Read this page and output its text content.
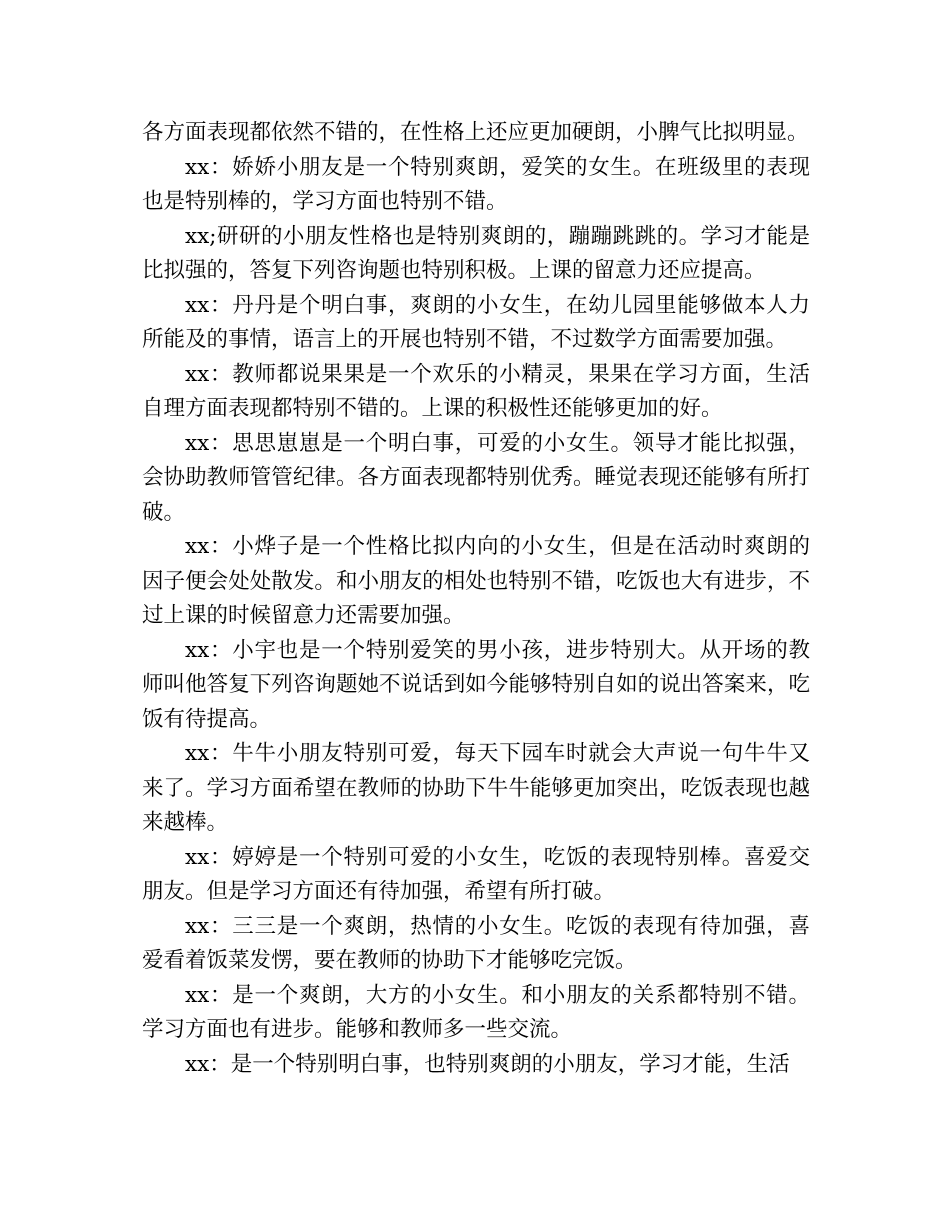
各方面表现都依然不错的，在性格上还应更加硬朗，小脾气比拟明显。

xx：娇娇小朋友是一个特别爽朗，爱笑的女生。在班级里的表现也是特别棒的，学习方面也特别不错。

xx;研研的小朋友性格也是特别爽朗的，蹦蹦跳跳的。学习才能是比拟强的，答复下列咨询题也特别积极。上课的留意力还应提高。

xx：丹丹是个明白事，爽朗的小女生，在幼儿园里能够做本人力所能及的事情，语言上的开展也特别不错，不过数学方面需要加强。

xx：教师都说果果是一个欢乐的小精灵，果果在学习方面，生活自理方面表现都特别不错的。上课的积极性还能够更加的好。

xx：思思崽崽是一个明白事，可爱的小女生。领导才能比拟强，会协助教师管管纪律。各方面表现都特别优秀。睡觉表现还能够有所打破。

xx：小烨子是一个性格比拟内向的小女生，但是在活动时爽朗的因子便会处处散发。和小朋友的相处也特别不错，吃饭也大有进步，不过上课的时候留意力还需要加强。

xx：小宇也是一个特别爱笑的男小孩，进步特别大。从开场的教师叫他答复下列咨询题她不说话到如今能够特别自如的说出答案来，吃饭有待提高。

xx：牛牛小朋友特别可爱，每天下园车时就会大声说一句牛牛又来了。学习方面希望在教师的协助下牛牛能够更加突出，吃饭表现也越来越棒。

xx：婷婷是一个特别可爱的小女生，吃饭的表现特别棒。喜爱交朋友。但是学习方面还有待加强，希望有所打破。

xx：三三是一个爽朗，热情的小女生。吃饭的表现有待加强，喜爱看着饭菜发愣，要在教师的协助下才能够吃完饭。

xx：是一个爽朗，大方的小女生。和小朋友的关系都特别不错。学习方面也有进步。能够和教师多一些交流。

xx：是一个特别明白事，也特别爽朗的小朋友，学习才能，生活
